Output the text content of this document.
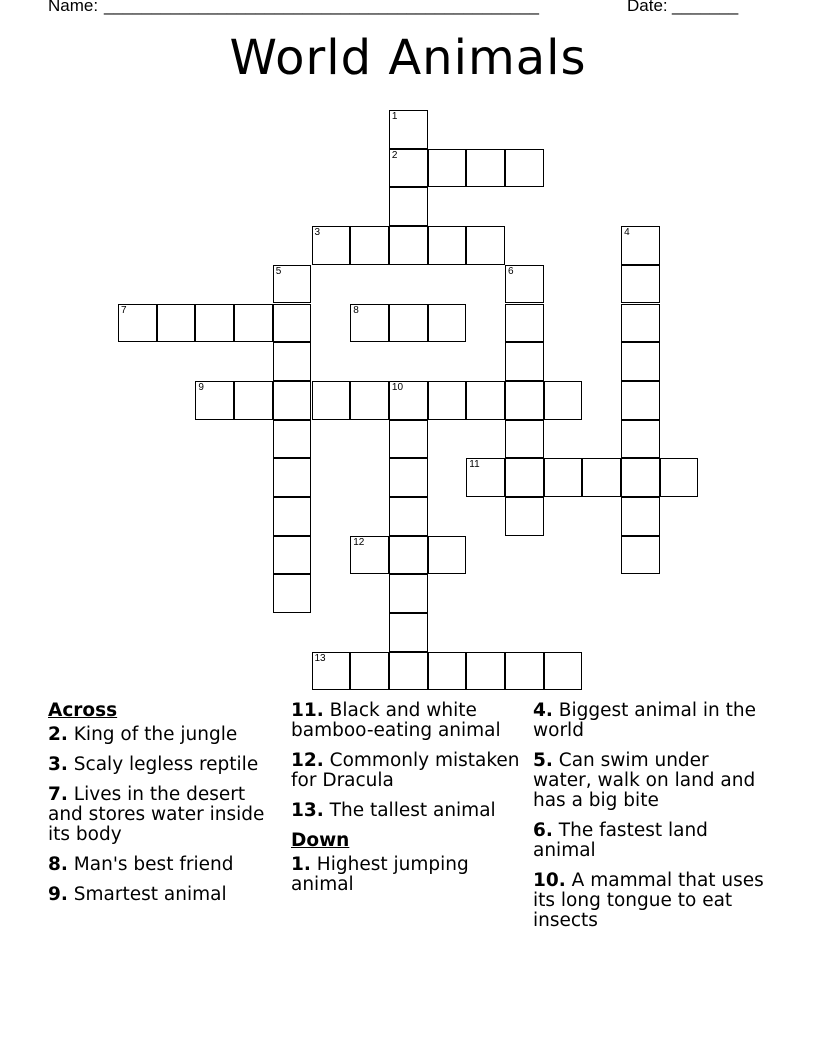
Name: ______________________________________________	Date: _______
World Animals
1
2
3	4
5	6
7	8
9	10
11
12
13
Across
2. King of the jungle
3. Scaly legless reptile
7. Lives in the desert and stores water inside its body
8. Man's best friend
9. Smartest animal
11. Black and white bamboo-eating animal
12. Commonly mistaken for Dracula
13. The tallest animal
Down
1. Highest jumping animal
4. Biggest animal in the world
5. Can swim under water, walk on land and has a big bite
6. The fastest land animal
10. A mammal that uses its long tongue to eat insects
